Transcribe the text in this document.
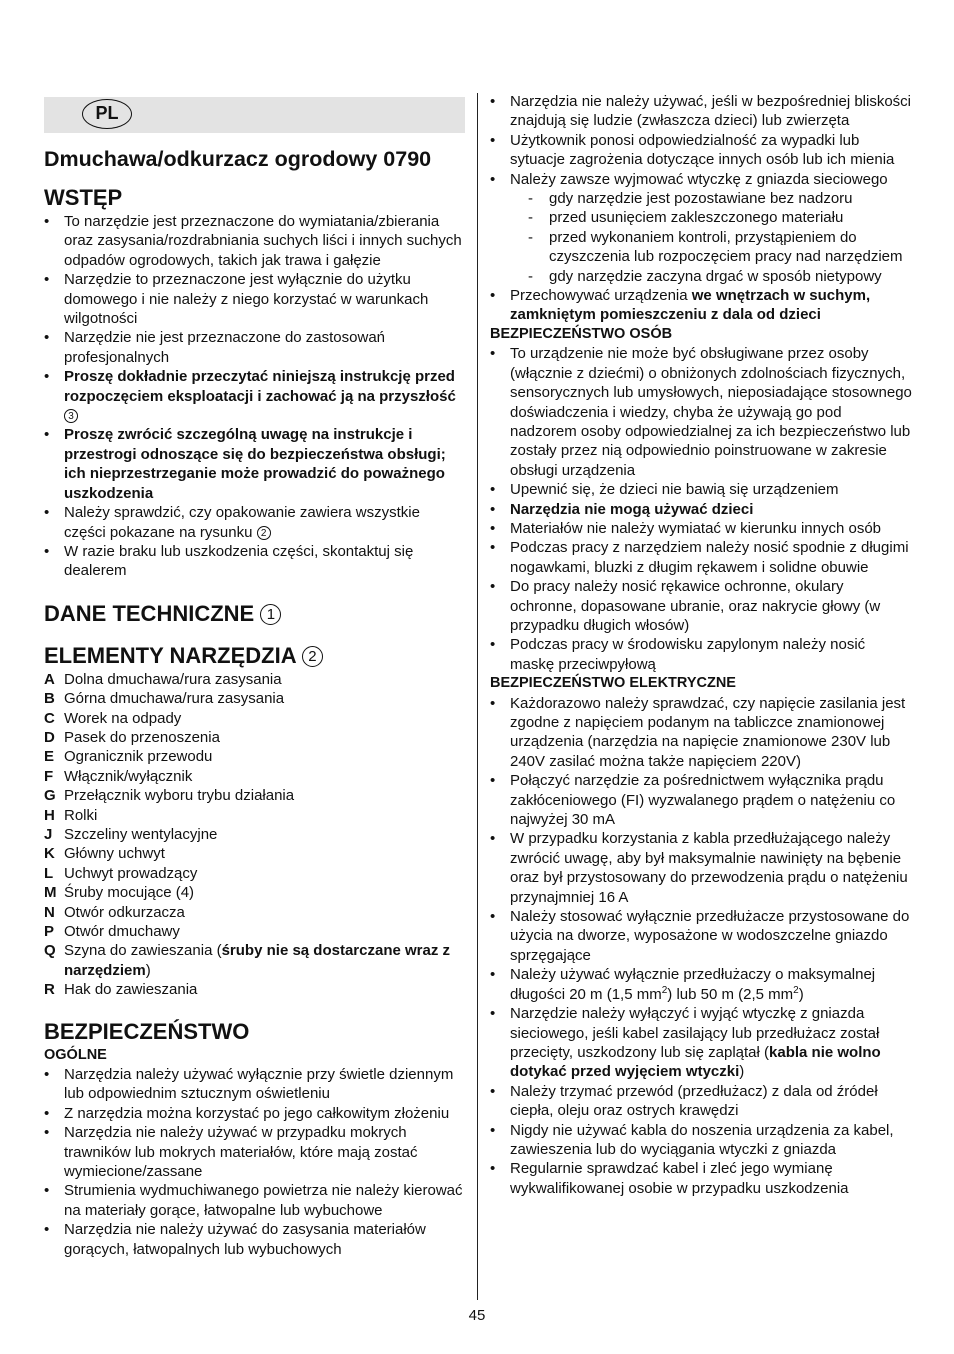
PL
Dmuchawa/odkurzacz ogrodowy 0790
WSTĘP
• To narzędzie jest przeznaczone do wymiatania/zbierania oraz zasysania/rozdrabniania suchych liści i innych suchych odpadów ogrodowych, takich jak trawa i gałęzie
• Narzędzie to przeznaczone jest wyłącznie do użytku domowego i nie należy z niego korzystać w warunkach wilgotności
• Narzędzie nie jest przeznaczone do zastosowań profesjonalnych
• Proszę dokładnie przeczytać niniejszą instrukcję przed rozpoczęciem eksploatacji i zachować ją na przyszłość 3
• Proszę zwrócić szczególną uwagę na instrukcje i przestrogi odnoszące się do bezpieczeństwa obsługi; ich nieprzestrzeganie może prowadzić do poważnego uszkodzenia
• Należy sprawdzić, czy opakowanie zawiera wszystkie części pokazane na rysunku 2
• W razie braku lub uszkodzenia części, skontaktuj się dealerem
DANE TECHNICZNE 1
ELEMENTY NARZĘDZIA 2
A Dolna dmuchawa/rura zasysania
B Górna dmuchawa/rura zasysania
C Worek na odpady
D Pasek do przenoszenia
E Ogranicznik przewodu
F Włącznik/wyłącznik
G Przełącznik wyboru trybu działania
H Rolki
J Szczeliny wentylacyjne
K Główny uchwyt
L Uchwyt prowadzący
M Śruby mocujące (4)
N Otwór odkurzacza
P Otwór dmuchawy
Q Szyna do zawieszania (śruby nie są dostarczane wraz z narzędziem)
R Hak do zawieszania
BEZPIECZEŃSTWO
OGÓLNE
• Narzędzia należy używać wyłącznie przy świetle dziennym lub odpowiednim sztucznym oświetleniu
• Z narzędzia można korzystać po jego całkowitym złożeniu
• Narzędzia nie należy używać w przypadku mokrych trawników lub mokrych materiałów, które mają zostać wymiecione/zassane
• Strumienia wydmuchiwanego powietrza nie należy kierować na materiały gorące, łatwopalne lub wybuchowe
• Narzędzia nie należy używać do zasysania materiałów gorących, łatwopalnych lub wybuchowych
• Narzędzia nie należy używać, jeśli w bezpośredniej bliskości znajdują się ludzie (zwłaszcza dzieci) lub zwierzęta
• Użytkownik ponosi odpowiedzialność za wypadki lub sytuacje zagrożenia dotyczące innych osób lub ich mienia
• Należy zawsze wyjmować wtyczkę z gniazda sieciowego
- gdy narzędzie jest pozostawiane bez nadzoru
- przed usunięciem zakleszczonego materiału
- przed wykonaniem kontroli, przystąpieniem do czyszczenia lub rozpoczęciem pracy nad narzędziem
- gdy narzędzie zaczyna drgać w sposób nietypowy
• Przechowywać urządzenia we wnętrzach w suchym, zamkniętym pomieszczeniu z dala od dzieci
BEZPIECZEŃSTWO OSÓB
• To urządzenie nie może być obsługiwane przez osoby (włącznie z dziećmi) o obniżonych zdolnościach fizycznych, sensorycznych lub umysłowych, nieposiadające stosownego doświadczenia i wiedzy, chyba że używają go pod nadzorem osoby odpowiedzialnej za ich bezpieczeństwo lub zostały przez nią odpowiednio poinstruowane w zakresie obsługi urządzenia
• Upewnić się, że dzieci nie bawią się urządzeniem
• Narzędzia nie mogą używać dzieci
• Materiałów nie należy wymiatać w kierunku innych osób
• Podczas pracy z narzędziem należy nosić spodnie z długimi nogawkami, bluzki z długim rękawem i solidne obuwie
• Do pracy należy nosić rękawice ochronne, okulary ochronne, dopasowane ubranie, oraz nakrycie głowy (w przypadku długich włosów)
• Podczas pracy w środowisku zapylonym należy nosić maskę przeciwpyłową
BEZPIECZEŃSTWO ELEKTRYCZNE
• Każdorazowo należy sprawdzać, czy napięcie zasilania jest zgodne z napięciem podanym na tabliczce znamionowej urządzenia (narzędzia na napięcie znamionowe 230V lub 240V zasilać można także napięciem 220V)
• Połączyć narzędzie za pośrednictwem wyłącznika prądu zakłóceniowego (FI) wyzwalanego prądem o natężeniu co najwyżej 30 mA
• W przypadku korzystania z kabla przedłużającego należy zwrócić uwagę, aby był maksymalnie nawinięty na bębenie oraz był przystosowany do przewodzenia prądu o natężeniu przynajmniej 16 A
• Należy stosować wyłącznie przedłużacze przystosowane do użycia na dworze, wyposażone w wodoszczelne gniazdo sprzęgające
• Należy używać wyłącznie przedłużaczy o maksymalnej długości 20 m (1,5 $mm^2$) lub 50 m (2,5 $mm^2$)
• Narzędzie należy wyłączyć i wyjąć wtyczkę z gniazda sieciowego, jeśli kabel zasilający lub przedłużacz został przecięty, uszkodzony lub się zaplątał (kabla nie wolno dotykać przed wyjęciem wtyczki)
• Należy trzymać przewód (przedłużacz) z dala od źródeł ciepła, oleju oraz ostrych krawędzi
• Nigdy nie używać kabla do noszenia urządzenia za kabel, zawieszenia lub do wyciągania wtyczki z gniazda
• Regularnie sprawdzać kabel i zleć jego wymianę wykwalifikowanej osobie w przypadku uszkodzenia
45
